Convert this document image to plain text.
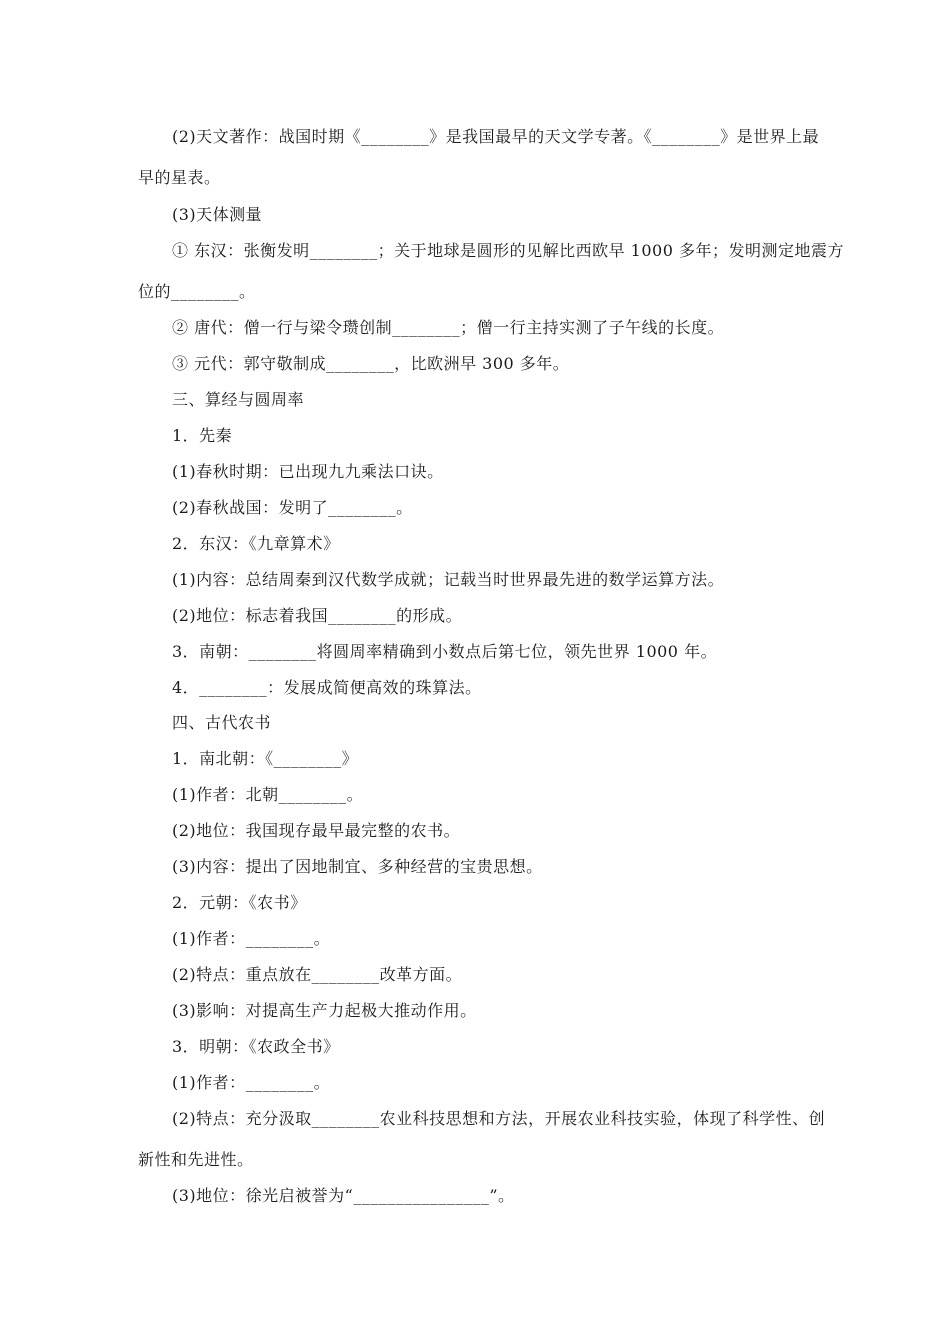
(2)天文著作：战国时期《________》是我国最早的天文学专著。《________》是世界上最
早的星表。
(3)天体测量
① 东汉：张衡发明________；关于地球是圆形的见解比西欧早 1000 多年；发明测定地震方
位的________。
② 唐代：僧一行与梁令瓒创制________；僧一行主持实测了子午线的长度。
③ 元代：郭守敬制成________，比欧洲早 300 多年。
三、算经与圆周率
1．先秦
(1)春秋时期：已出现九九乘法口诀。
(2)春秋战国：发明了________。
2．东汉：《九章算术》
(1)内容：总结周秦到汉代数学成就；记载当时世界最先进的数学运算方法。
(2)地位：标志着我国________的形成。
3．南朝：________将圆周率精确到小数点后第七位，领先世界 1000 年。
4．________：发展成简便高效的珠算法。
四、古代农书
1．南北朝：《________》
(1)作者：北朝________。
(2)地位：我国现存最早最完整的农书。
(3)内容：提出了因地制宜、多种经营的宝贵思想。
2．元朝：《农书》
(1)作者：________。
(2)特点：重点放在________改革方面。
(3)影响：对提高生产力起极大推动作用。
3．明朝：《农政全书》
(1)作者：________。
(2)特点：充分汲取________农业科技思想和方法，开展农业科技实验，体现了科学性、创
新性和先进性。
(3)地位：徐光启被誉为“________________”。
